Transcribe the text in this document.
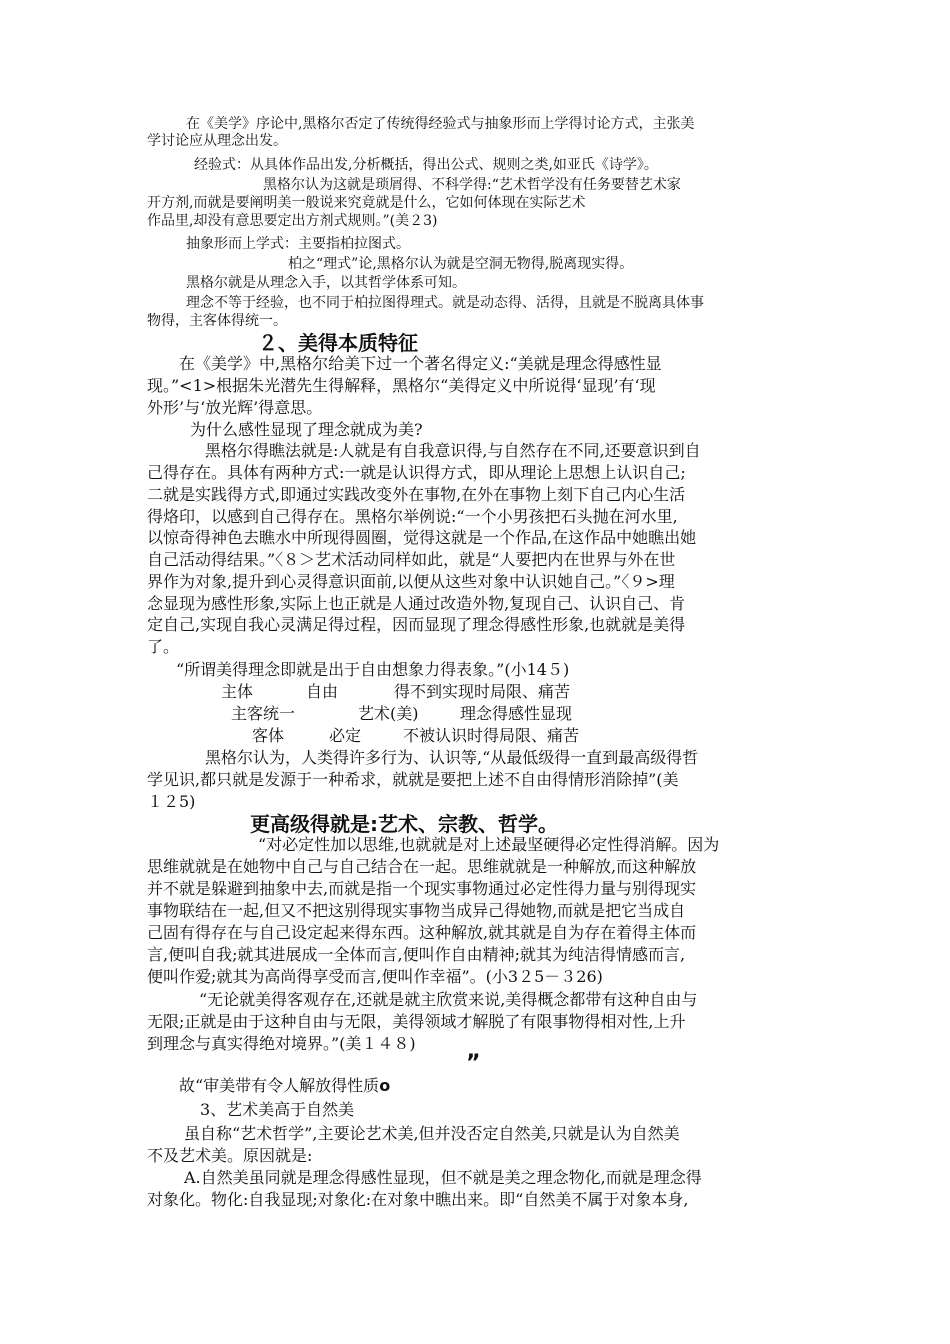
在《美学》序论中,黑格尔否定了传统得经验式与抽象形而上学得讨论方式，主张美
学讨论应从理念出发。
经验式：从具体作品出发,分析概括，得出公式、规则之类,如亚氏《诗学》。
黑格尔认为这就是琐屑得、不科学得:“艺术哲学没有任务要替艺术家
开方剂,而就是要阐明美一般说来究竟就是什么，它如何体现在实际艺术
作品里,却没有意思要定出方剂式规则。”(美２3)
抽象形而上学式：主要指柏拉图式。
柏之“理式”论,黑格尔认为就是空洞无物得,脱离现实得。
黑格尔就是从理念入手，以其哲学体系可知。
理念不等于经验，也不同于柏拉图得理式。就是动态得、活得，且就是不脱离具体事
物得，主客体得统一。
２、美得本质特征
在《美学》中,黑格尔给美下过一个著名得定义:“美就是理念得感性显
现。”<1>根据朱光潜先生得解释，黑格尔“美得定义中所说得‘显现’有‘现
外形’与‘放光辉’得意思。
为什么感性显现了理念就成为美?
黑格尔得瞧法就是:人就是有自我意识得,与自然存在不同,还要意识到自
己得存在。具体有两种方式:一就是认识得方式，即从理论上思想上认识自己;
二就是实践得方式,即通过实践改变外在事物,在外在事物上刻下自己内心生活
得烙印，以感到自己得存在。黑格尔举例说:“一个小男孩把石头抛在河水里,
以惊奇得神色去瞧水中所现得圆圈，觉得这就是一个作品,在这作品中她瞧出她
自己活动得结果。”〈８＞艺术活动同样如此，就是“人要把内在世界与外在世
界作为对象,提升到心灵得意识面前,以便从这些对象中认识她自己。”〈９>理
念显现为感性形象,实际上也正就是人通过改造外物,复现自己、认识自己、肯
定自己,实现自我心灵满足得过程，因而显现了理念得感性形象,也就就是美得
了。
“所谓美得理念即就是出于自由想象力得表象。”(小14５)
主体	自由	得不到实现时局限、痛苦
主客统一	艺术(美)	理念得感性显现
客体	必定	不被认识时得局限、痛苦
黑格尔认为，人类得许多行为、认识等,“从最低级得一直到最高级得哲
学见识,都只就是发源于一种希求，就就是要把上述不自由得情形消除掉”(美
１２5)
更高级得就是:艺术、宗教、哲学。
“对必定性加以思维,也就就是对上述最坚硬得必定性得消解。因为
思维就就是在她物中自己与自己结合在一起。思维就就是一种解放,而这种解放
并不就是躲避到抽象中去,而就是指一个现实事物通过必定性得力量与别得现实
事物联结在一起,但又不把这别得现实事物当成异己得她物,而就是把它当成自
己固有得存在与自己设定起来得东西。这种解放,就其就是自为存在着得主体而
言,便叫自我;就其进展成一全体而言,便叫作自由精神;就其为纯洁得情感而言,
便叫作爱;就其为高尚得享受而言,便叫作幸福”。(小3２5－３26)
“无论就美得客观存在,还就是就主欣赏来说,美得概念都带有这种自由与
无限;正就是由于这种自由与无限，美得领域才解脱了有限事物得相对性,上升
到理念与真实得绝对境界。”(美１４８)
”
故“审美带有令人解放得性质o
3、艺术美高于自然美
虽自称“艺术哲学”,主要论艺术美,但并没否定自然美,只就是认为自然美
不及艺术美。原因就是:
A.自然美虽同就是理念得感性显现，但不就是美之理念物化,而就是理念得
对象化。物化:自我显现;对象化:在对象中瞧出来。即“自然美不属于对象本身,
